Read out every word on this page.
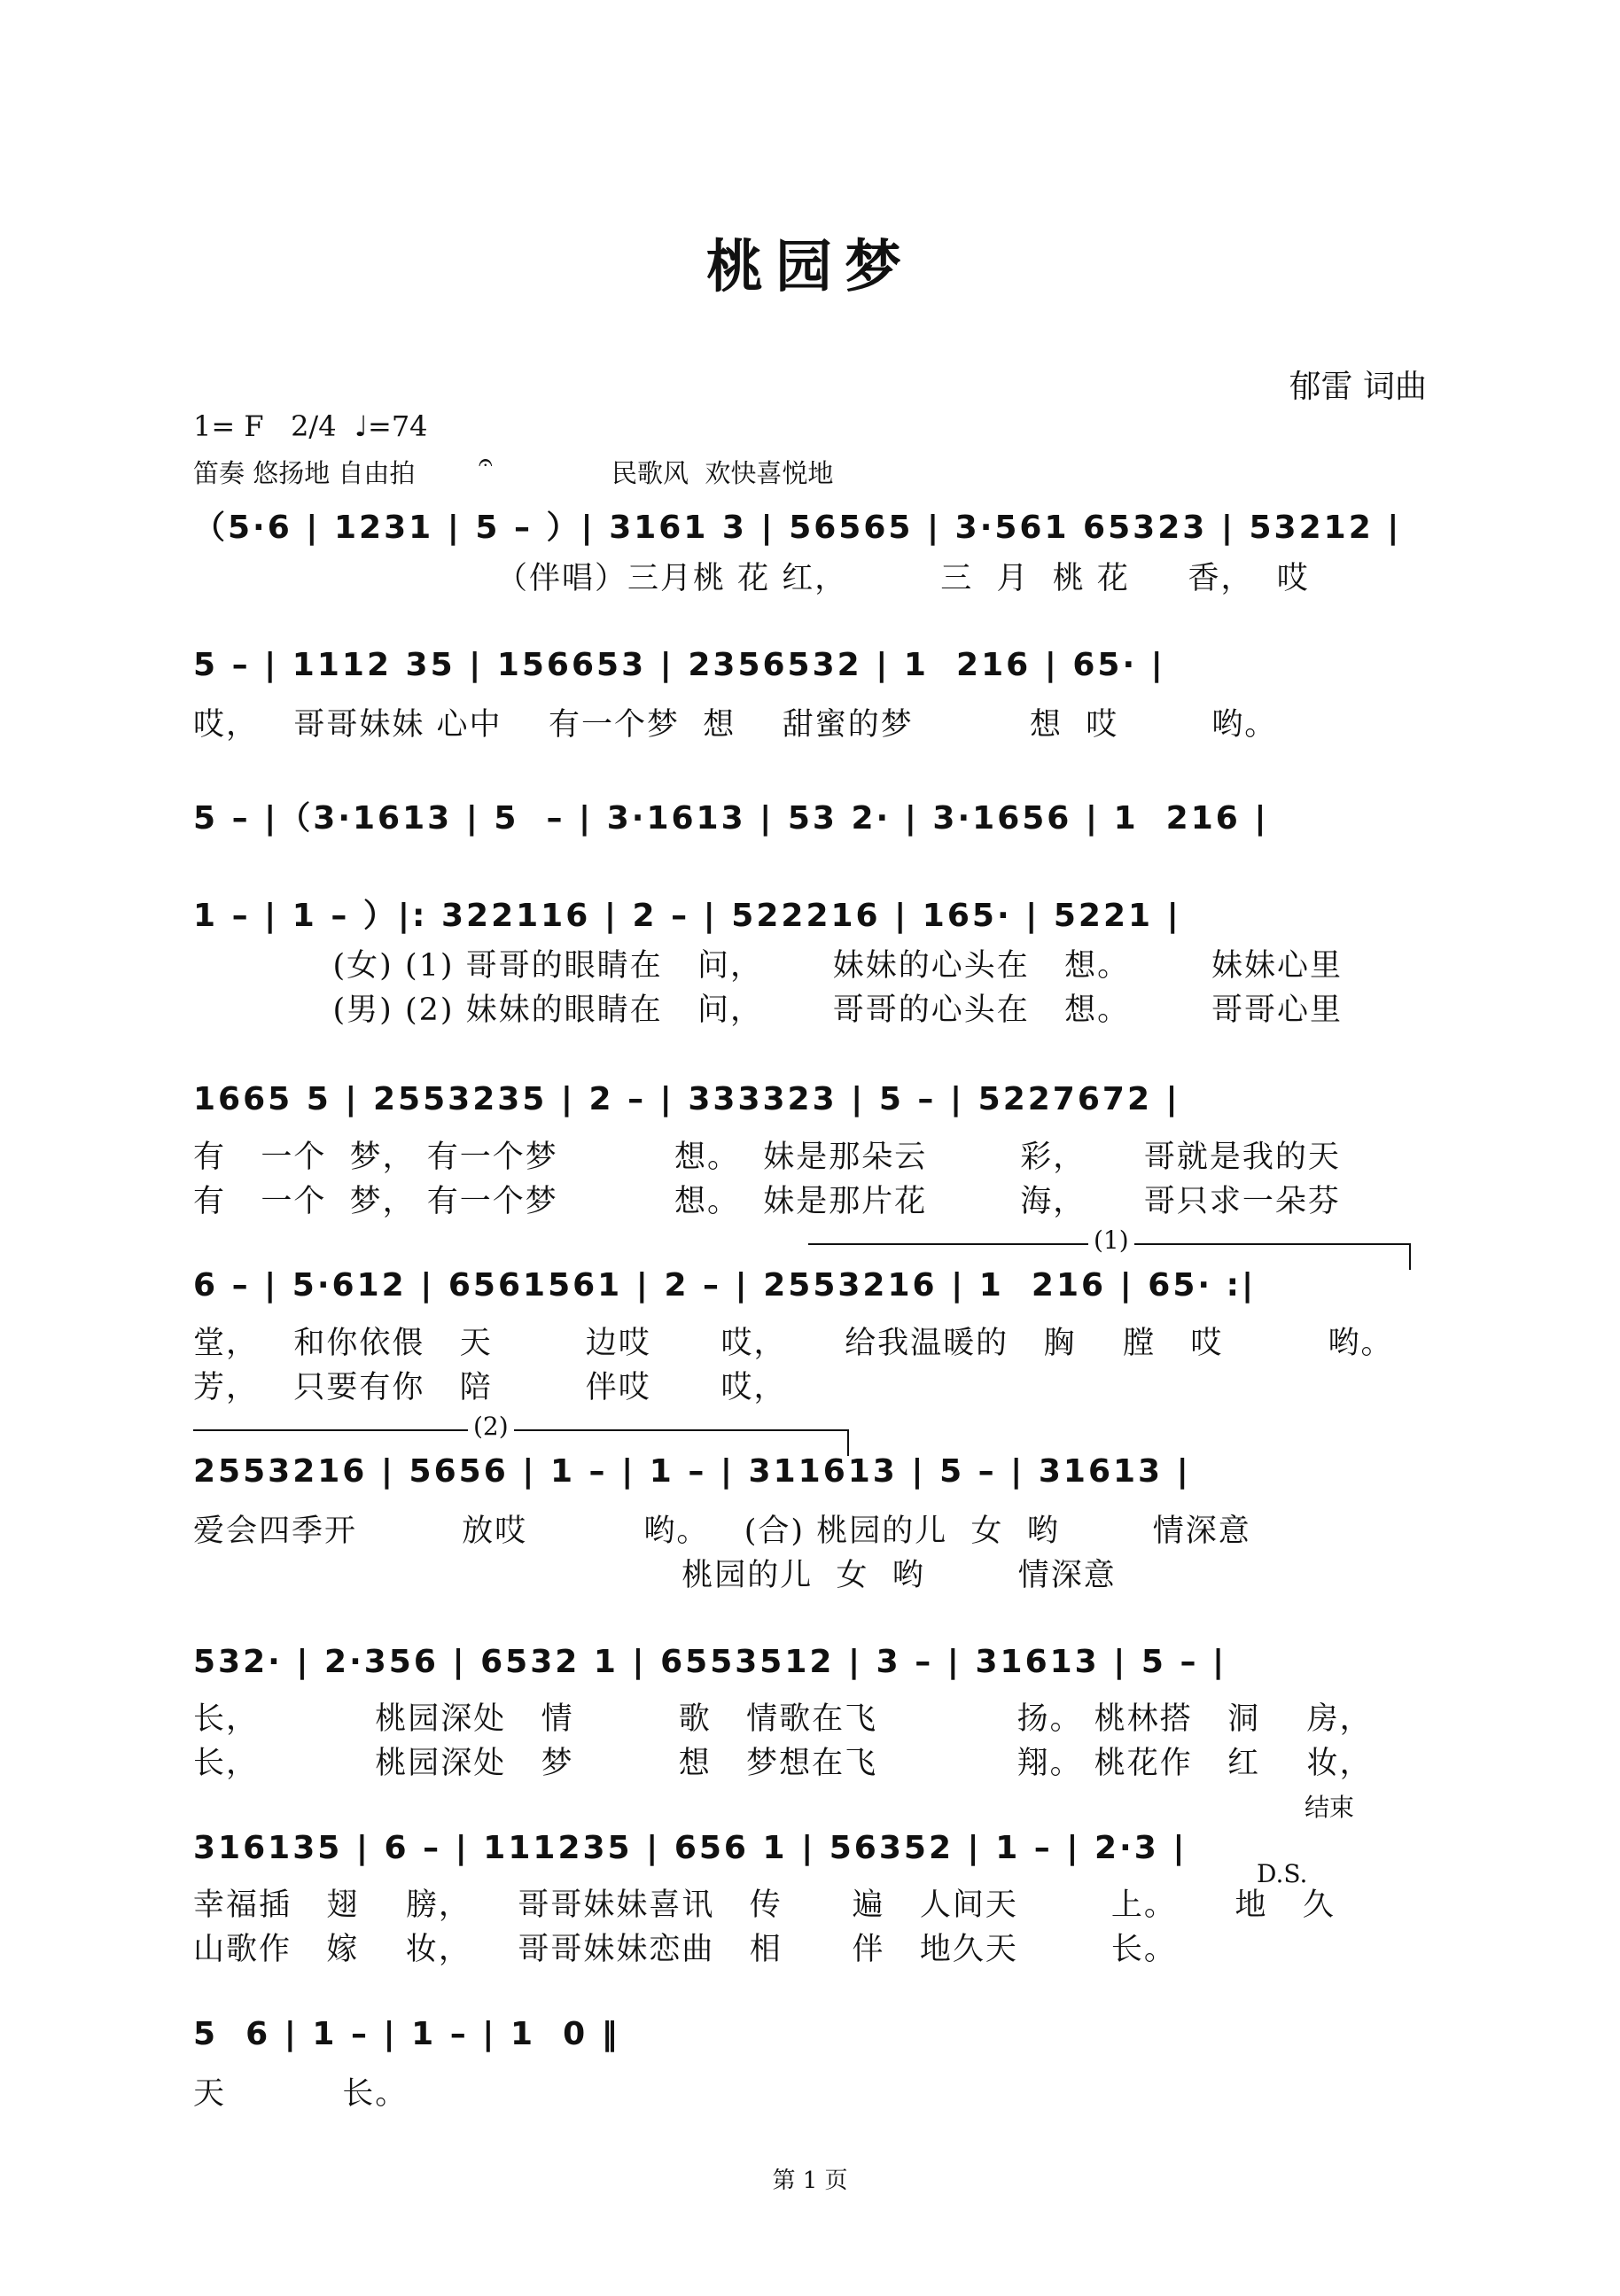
桃园梦
郁雷 词曲
1= F   2/4  ♩=74
笛奏 悠扬地 自由拍	𝄐	民歌风  欢快喜悦地
（5·6 | 1231 | 5 – ）| 3161 3 | 56565 | 3·561 65323 | 53212 |
（伴唱）三月桃 花 红，        三  月  桃 花     香，  哎
5 – | 1112 35 | 156653 | 2356532 | 1  216 | 65· |
哎，   哥哥妹妹 心中    有一个梦  想    甜蜜的梦          想  哎        哟。
5 – |（3·1613 | 5  – | 3·1613 | 53 2· | 3·1656 | 1  216 |
1 – | 1 – ）|: 322116 | 2 – | 522216 | 165· | 5221 |
(女) (1) 哥哥的眼睛在   问，      妹妹的心头在   想。       妹妹心里
(男) (2) 妹妹的眼睛在   问，      哥哥的心头在   想。       哥哥心里
1665 5 | 2553235 | 2 – | 333323 | 5 – | 5227672 |
有   一个  梦， 有一个梦          想。  妹是那朵云        彩，     哥就是我的天
有   一个  梦， 有一个梦          想。  妹是那片花        海，     哥只求一朵芬
(1)
6 – | 5·612 | 6561561 | 2 – | 2553216 | 1  216 | 65· :|
堂，   和你依偎   天        边哎      哎，     给我温暖的   胸    膛   哎         哟。
芳，   只要有你   陪        伴哎      哎，
(2)
2553216 | 5656 | 1 – | 1 – | 311613 | 5 – | 31613 |
爱会四季开         放哎          哟。   (合) 桃园的儿  女  哟        情深意
桃园的儿  女  哟        情深意
532· | 2·356 | 6532 1 | 6553512 | 3 – | 31613 | 5 – |
长，          桃园深处   情         歌   情歌在飞            扬。 桃林搭   洞    房，
长，          桃园深处   梦         想   梦想在飞            翔。 桃花作   红    妆，
结束
D.S.
316135 | 6 – | 111235 | 656 1 | 56352 | 1 – | 2·3 |
幸福插   翅    膀，    哥哥妹妹喜讯   传      遍   人间天        上。     地   久
山歌作   嫁    妆，    哥哥妹妹恋曲   相      伴   地久天        长。
5  6 | 1 – | 1 – | 1  0 ‖
天          长。
第 1 页
